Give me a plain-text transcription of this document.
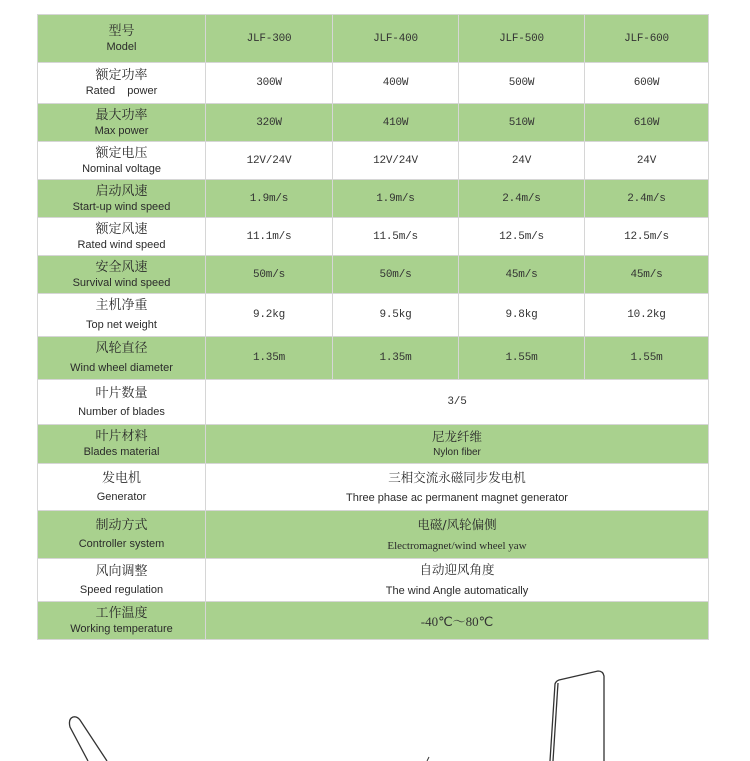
型号
Model	JLF-300	JLF-400	JLF-500	JLF-600

额定功率
Rated    power	300W	400W	500W	600W

最大功率
Max power	320W	410W	510W	610W

额定电压
Nominal voltage	12V/24V	12V/24V	24V	24V

启动风速
Start-up wind speed	1.9m/s	1.9m/s	2.4m/s	2.4m/s

额定风速
Rated wind speed	11.1m/s	11.5m/s	12.5m/s	12.5m/s

安全风速
Survival wind speed	50m/s	50m/s	45m/s	45m/s

主机净重
Top net weight	9.2kg	9.5kg	9.8kg	10.2kg

风轮直径
Wind wheel diameter	1.35m	1.35m	1.55m	1.55m

叶片数量
Number of blades	3/5			

叶片材料
Blades material	尼龙纤维
Nylon fiber			

发电机
Generator	三相交流永磁同步发电机
Three phase ac permanent magnet generator			

制动方式
Controller system	电磁/风轮偏侧
Electromagnet/wind wheel yaw			

风向调整
Speed regulation	自动迎风角度
The wind Angle automatically			

工作温度
Working temperature	-40℃～80℃			
